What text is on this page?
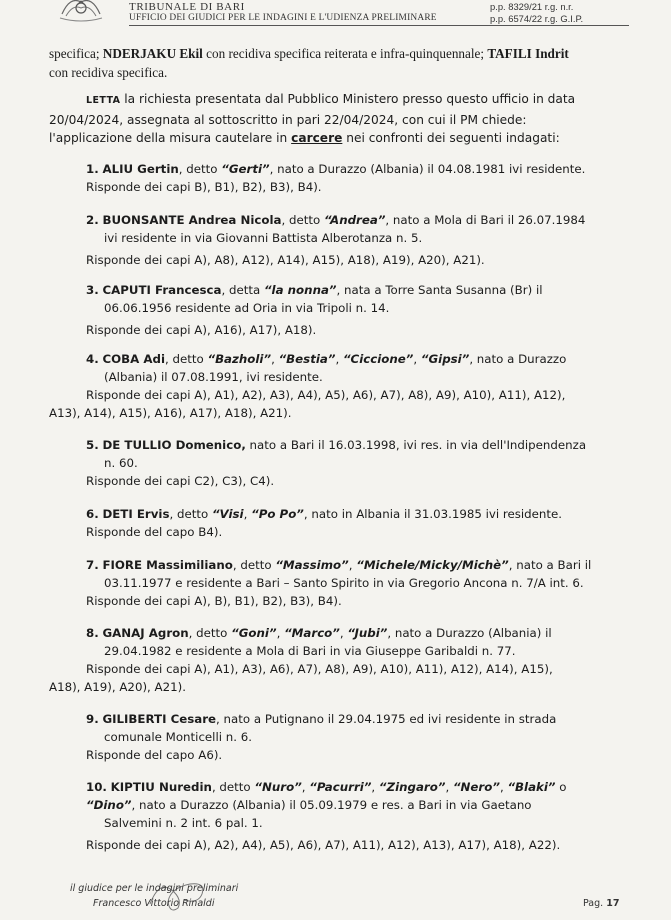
TRIBUNALE DI BARI
UFFICIO DEI GIUDICI PER LE INDAGINI E L'UDIENZA PRELIMINARE
p.p. 8329/21 r.g. n.r.
p.p. 6574/22 r.g. G.I.P.
specifica; NDERJAKU Ekil con recidiva specifica reiterata e infra-quinquennale; TAFILI Indrit
con recidiva specifica.
LETTA la richiesta presentata dal Pubblico Ministero presso questo ufficio in data
20/04/2024, assegnata al sottoscritto in pari 22/04/2024, con cui il PM chiede:
l'applicazione della misura cautelare in carcere nei confronti dei seguenti indagati:
1. ALIU Gertin, detto “Gerti”, nato a Durazzo (Albania) il 04.08.1981 ivi residente.
Risponde dei capi B), B1), B2), B3), B4).
2. BUONSANTE Andrea Nicola, detto “Andrea”, nato a Mola di Bari il 26.07.1984
ivi residente in via Giovanni Battista Alberotanza n. 5.
Risponde dei capi A), A8), A12), A14), A15), A18), A19), A20), A21).
3. CAPUTI Francesca, detta “la nonna”, nata a Torre Santa Susanna (Br) il
06.06.1956 residente ad Oria in via Tripoli n. 14.
Risponde dei capi A), A16), A17), A18).
4. COBA Adi, detto “Bazholi”, “Bestia”, “Ciccione”, “Gipsi”, nato a Durazzo
(Albania) il 07.08.1991, ivi residente.
Risponde dei capi A), A1), A2), A3), A4), A5), A6), A7), A8), A9), A10), A11), A12),
A13), A14), A15), A16), A17), A18), A21).
5. DE TULLIO Domenico, nato a Bari il 16.03.1998, ivi res. in via dell'Indipendenza
n. 60.
Risponde dei capi C2), C3), C4).
6. DETI Ervis, detto “Visi, “Po Po”, nato in Albania il 31.03.1985 ivi residente.
Risponde del capo B4).
7. FIORE Massimiliano, detto “Massimo”, “Michele/Micky/Michè”, nato a Bari il
03.11.1977 e residente a Bari – Santo Spirito in via Gregorio Ancona n. 7/A int. 6.
Risponde dei capi A), B), B1), B2), B3), B4).
8. GANAJ Agron, detto “Goni”, “Marco”, “Jubi”, nato a Durazzo (Albania) il
29.04.1982 e residente a Mola di Bari in via Giuseppe Garibaldi n. 77.
Risponde dei capi A), A1), A3), A6), A7), A8), A9), A10), A11), A12), A14), A15),
A18), A19), A20), A21).
9. GILIBERTI Cesare, nato a Putignano il 29.04.1975 ed ivi residente in strada
comunale Monticelli n. 6.
Risponde del capo A6).
10. KIPTIU Nuredin, detto “Nuro”, “Pacurri”, “Zingaro”, “Nero”, “Blaki” o
“Dino”, nato a Durazzo (Albania) il 05.09.1979 e res. a Bari in via Gaetano
Salvemini n. 2 int. 6 pal. 1.
Risponde dei capi A), A2), A4), A5), A6), A7), A11), A12), A13), A17), A18), A22).
il giudice per le indagini preliminari
Francesco Vittorio Rinaldi	Pag. 17
